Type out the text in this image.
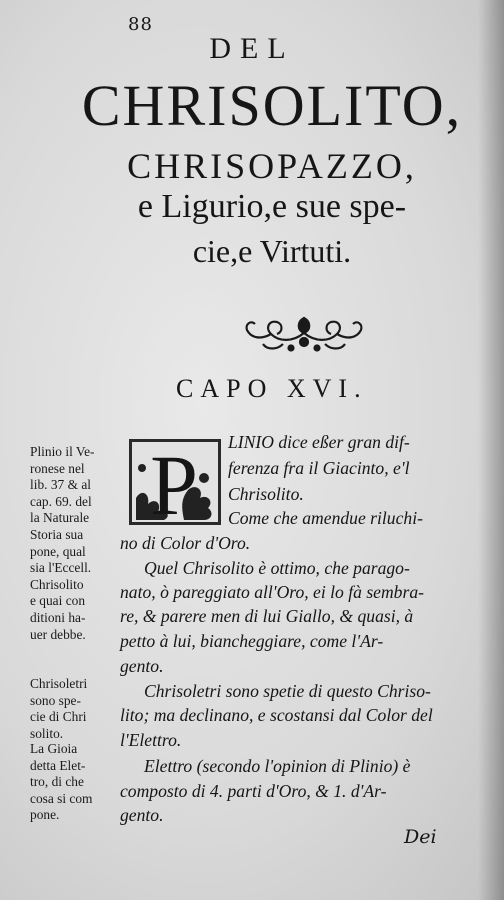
88
DEL
CHRISOLITO,
CHRISOPAZZO,
e Ligurio,e sue spe-
cie,e Virtuti.
CAPO XVI.
Plinio il Ve-
ronese nel
lib. 37 & al
cap. 69. del
la Naturale
Storia sua
pone, qual
sia l'Eccell.
Chrisolito
e quai con
ditioni ha-
uer debbe.
Chrisoletri
sono spe-
cie di Chri
solito.
La Gioia
detta Elet-
tro, di che
cosa si com
pone.
P LINIO dice eßer gran dif-
ferenza fra il Giacinto, e'l
Chrisolito.
Come che amendue riluchi-
no di Color d'Oro.
Quel Chrisolito è ottimo, che parago-
nato, ò pareggiato all'Oro, ei lo fà sembra-
re, & parere men di lui Giallo, & quasi, à
petto à lui, biancheggiare, come l'Ar-
gento.
Chrisoletri sono spetie di questo Chriso-
lito; ma declinano, e scostansi dal Color del
l'Elettro.
Elettro (secondo l'opinion di Plinio) è
composto di 4. parti d'Oro, & 1. d'Ar-
gento.
Dei
